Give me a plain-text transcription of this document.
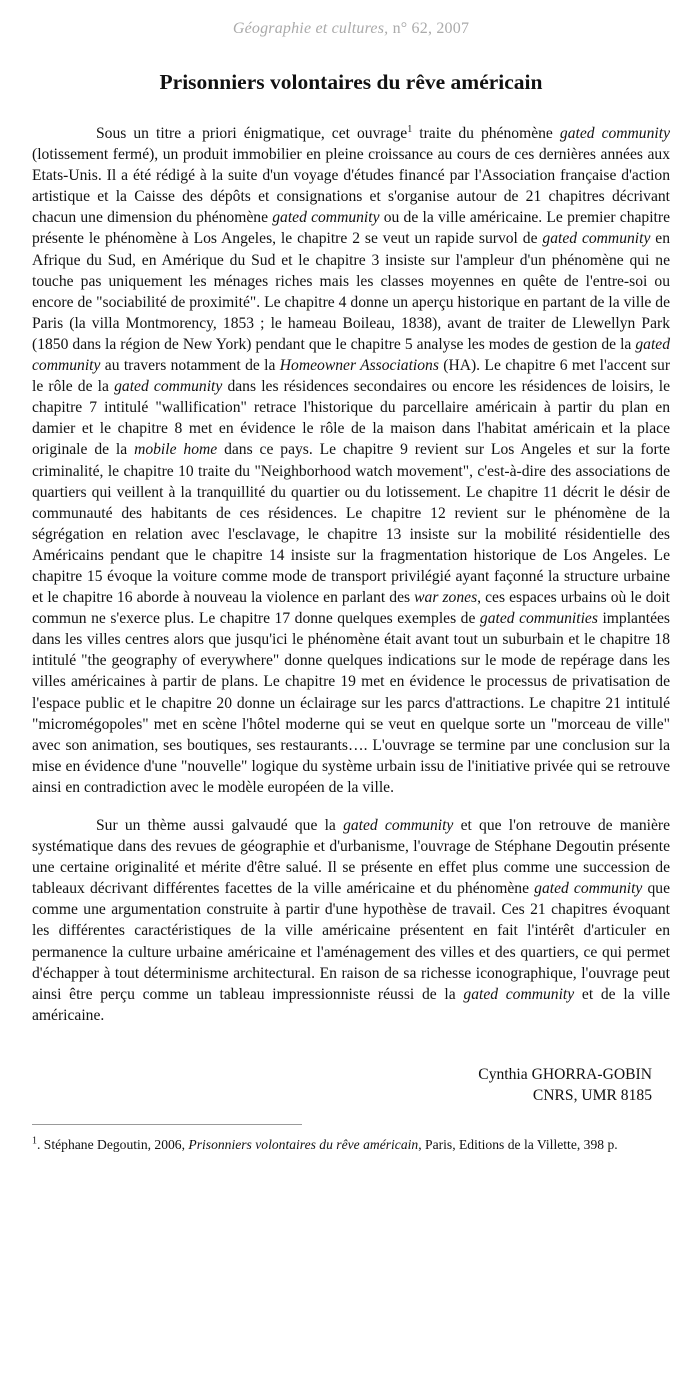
Géographie et cultures, n° 62, 2007
Prisonniers volontaires du rêve américain

Sous un titre a priori énigmatique, cet ouvrage$^1$ traite du phénomène gated community (lotissement fermé), un produit immobilier en pleine croissance au cours de ces dernières années aux Etats-Unis. Il a été rédigé à la suite d'un voyage d'études financé par l'Association française d'action artistique et la Caisse des dépôts et consignations et s'organise autour de 21 chapitres décrivant chacun une dimension du phénomène gated community ou de la ville américaine. Le premier chapitre présente le phénomène à Los Angeles, le chapitre 2 se veut un rapide survol de gated community en Afrique du Sud, en Amérique du Sud et le chapitre 3 insiste sur l'ampleur d'un phénomène qui ne touche pas uniquement les ménages riches mais les classes moyennes en quête de l'entre-soi ou encore de "sociabilité de proximité". Le chapitre 4 donne un aperçu historique en partant de la ville de Paris (la villa Montmorency, 1853 ; le hameau Boileau, 1838), avant de traiter de Llewellyn Park (1850 dans la région de New York) pendant que le chapitre 5 analyse les modes de gestion de la gated community au travers notamment de la Homeowner Associations (HA). Le chapitre 6 met l'accent sur le rôle de la gated community dans les résidences secondaires ou encore les résidences de loisirs, le chapitre 7 intitulé "wallification" retrace l'historique du parcellaire américain à partir du plan en damier et le chapitre 8 met en évidence le rôle de la maison dans l'habitat américain et la place originale de la mobile home dans ce pays. Le chapitre 9 revient sur Los Angeles et sur la forte criminalité, le chapitre 10 traite du "Neighborhood watch movement", c'est-à-dire des associations de quartiers qui veillent à la tranquillité du quartier ou du lotissement. Le chapitre 11 décrit le désir de communauté des habitants de ces résidences. Le chapitre 12 revient sur le phénomène de la ségrégation en relation avec l'esclavage, le chapitre 13 insiste sur la mobilité résidentielle des Américains pendant que le chapitre 14 insiste sur la fragmentation historique de Los Angeles. Le chapitre 15 évoque la voiture comme mode de transport privilégié ayant façonné la structure urbaine et le chapitre 16 aborde à nouveau la violence en parlant des war zones, ces espaces urbains où le doit commun ne s'exerce plus. Le chapitre 17 donne quelques exemples de gated communities implantées dans les villes centres alors que jusqu'ici le phénomène était avant tout un suburbain et le chapitre 18 intitulé "the geography of everywhere" donne quelques indications sur le mode de repérage dans les villes américaines à partir de plans. Le chapitre 19 met en évidence le processus de privatisation de l'espace public et le chapitre 20 donne un éclairage sur les parcs d'attractions. Le chapitre 21 intitulé "micromégopoles" met en scène l'hôtel moderne qui se veut en quelque sorte un "morceau de ville" avec son animation, ses boutiques, ses restaurants…. L'ouvrage se termine par une conclusion sur la mise en évidence d'une "nouvelle" logique du système urbain issu de l'initiative privée qui se retrouve ainsi en contradiction avec le modèle européen de la ville.

Sur un thème aussi galvaudé que la gated community et que l'on retrouve de manière systématique dans des revues de géographie et d'urbanisme, l'ouvrage de Stéphane Degoutin présente une certaine originalité et mérite d'être salué. Il se présente en effet plus comme une succession de tableaux décrivant différentes facettes de la ville américaine et du phénomène gated community que comme une argumentation construite à partir d'une hypothèse de travail. Ces 21 chapitres évoquant les différentes caractéristiques de la ville américaine présentent en fait l'intérêt d'articuler en permanence la culture urbaine américaine et l'aménagement des villes et des quartiers, ce qui permet d'échapper à tout déterminisme architectural. En raison de sa richesse iconographique, l'ouvrage peut ainsi être perçu comme un tableau impressionniste réussi de la gated community et de la ville américaine.

Cynthia GHORRA-GOBIN
CNRS, UMR 8185
$^1$. Stéphane Degoutin, 2006, Prisonniers volontaires du rêve américain, Paris, Editions de la Villette, 398 p.
